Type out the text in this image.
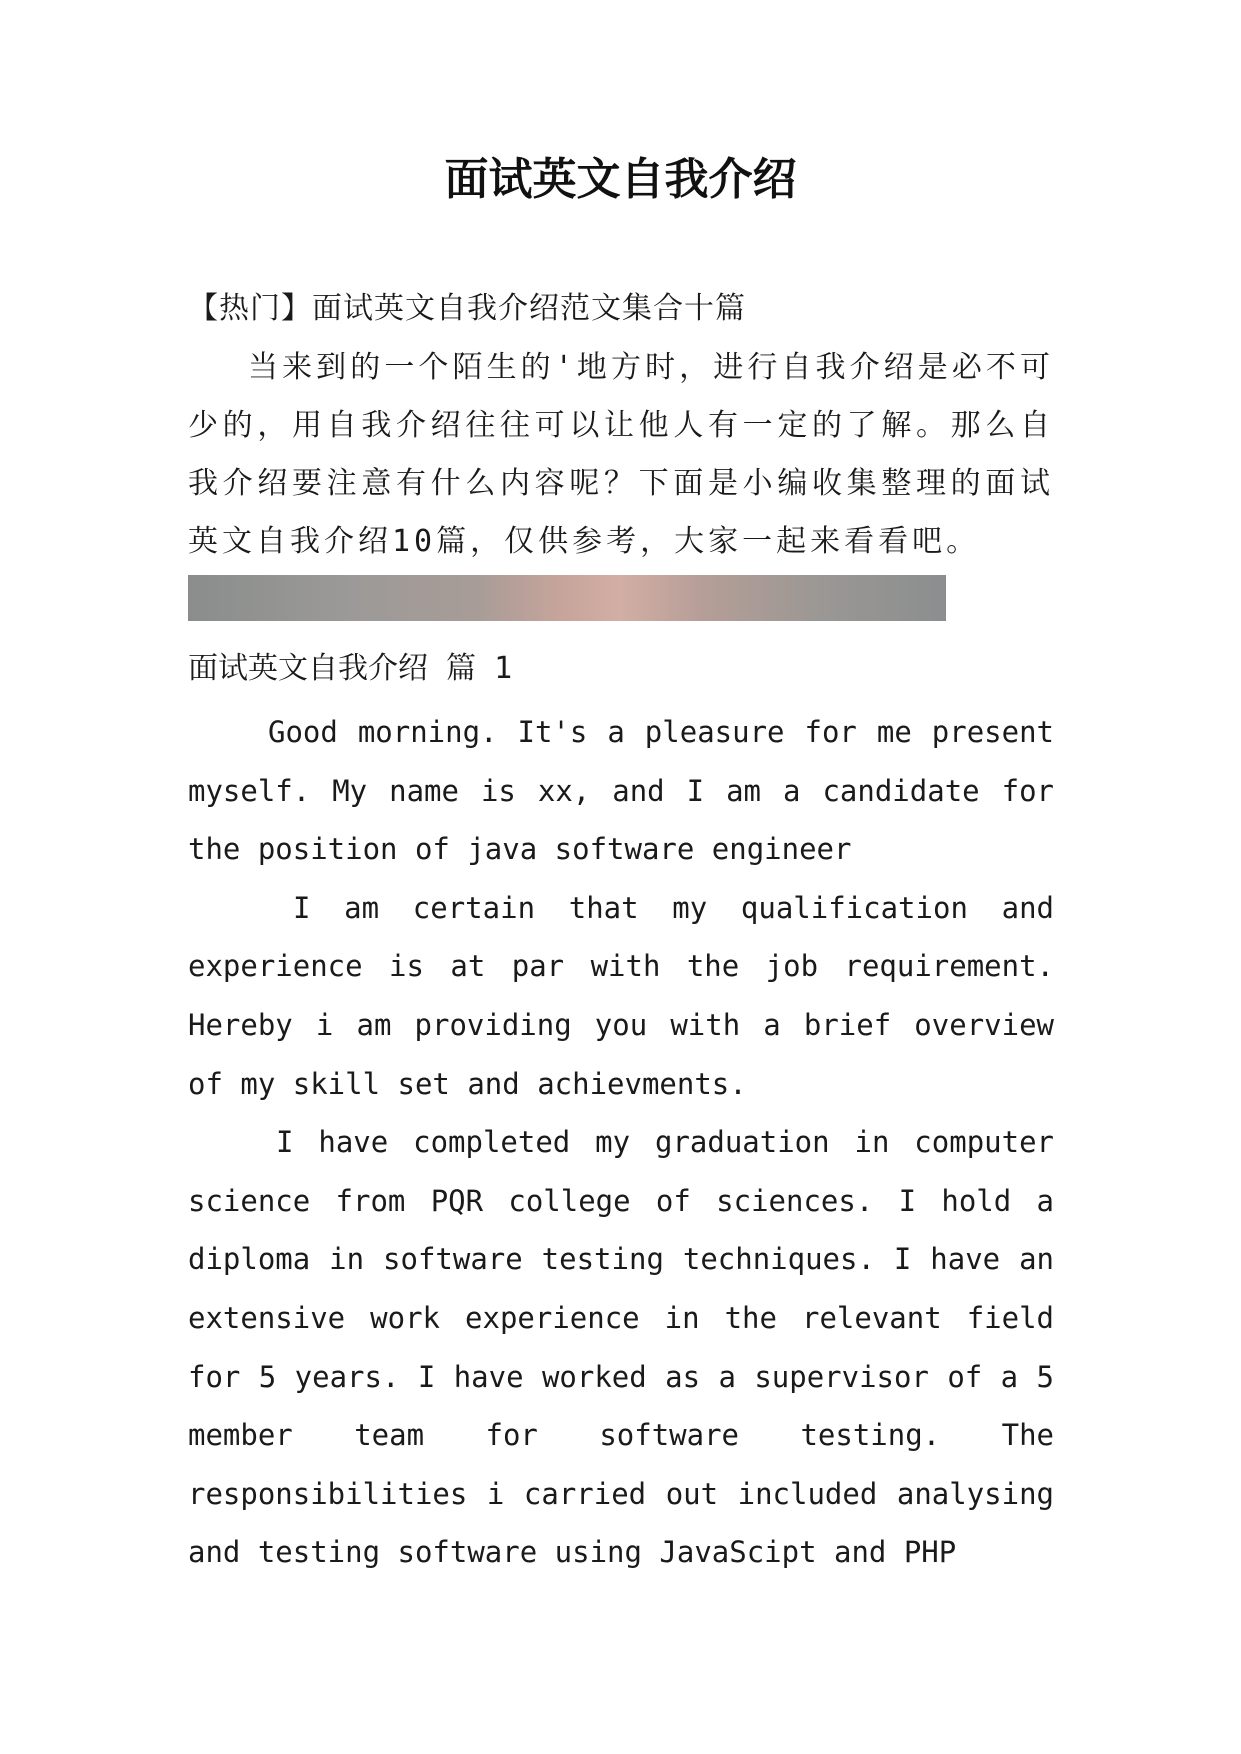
面试英文自我介绍

【热门】面试英文自我介绍范文集合十篇

当来到的一个陌生的'地方时，进行自我介绍是必不可少的，用自我介绍往往可以让他人有一定的了解。那么自我介绍要注意有什么内容呢？下面是小编收集整理的面试英文自我介绍10篇，仅供参考，大家一起来看看吧。

面试英文自我介绍 篇 1

Good morning. It's a pleasure for me present myself. My name is xx, and I am a candidate for the position of java software engineer

I am certain that my qualification and experience is at par with the job requirement. Hereby i am providing you with a brief overview of my skill set and achievments.

I have completed my graduation in computer science from PQR college of sciences. I hold a diploma in software testing techniques. I have an extensive work experience in the relevant field for 5 years. I have worked as a supervisor of a 5 member team for software testing. The responsibilities i carried out included analysing and testing software using JavaScipt and PHP
